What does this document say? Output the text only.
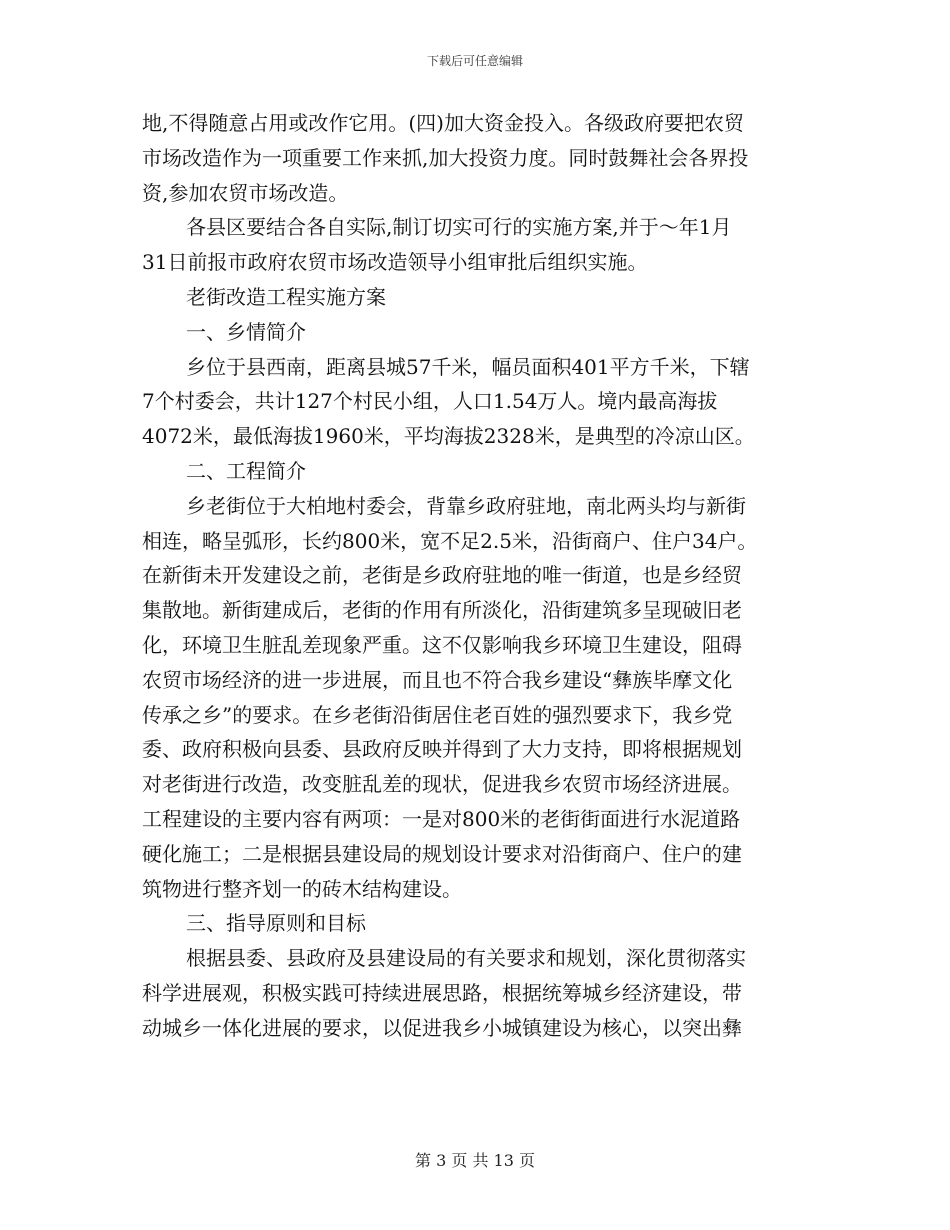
下载后可任意编辑

地,不得随意占用或改作它用。(四)加大资金投入。各级政府要把农贸

市场改造作为一项重要工作来抓,加大投资力度。同时鼓舞社会各界投

资,参加农贸市场改造。

各县区要结合各自实际,制订切实可行的实施方案,并于～年1月

31日前报市政府农贸市场改造领导小组审批后组织实施。

老街改造工程实施方案

一、乡情简介

乡位于县西南，距离县城57千米，幅员面积401平方千米，下辖

7个村委会，共计127个村民小组，人口1.54万人。境内最高海拔

4072米，最低海拔1960米，平均海拔2328米，是典型的冷凉山区。

二、工程简介

乡老街位于大柏地村委会，背靠乡政府驻地，南北两头均与新街

相连，略呈弧形，长约800米，宽不足2.5米，沿街商户、住户34户。

在新街未开发建设之前，老街是乡政府驻地的唯一街道，也是乡经贸

集散地。新街建成后，老街的作用有所淡化，沿街建筑多呈现破旧老

化，环境卫生脏乱差现象严重。这不仅影响我乡环境卫生建设，阻碍

农贸市场经济的进一步进展，而且也不符合我乡建设“彝族毕摩文化

传承之乡”的要求。在乡老街沿街居住老百姓的强烈要求下，我乡党

委、政府积极向县委、县政府反映并得到了大力支持，即将根据规划

对老街进行改造，改变脏乱差的现状，促进我乡农贸市场经济进展。

工程建设的主要内容有两项：一是对800米的老街街面进行水泥道路

硬化施工；二是根据县建设局的规划设计要求对沿街商户、住户的建

筑物进行整齐划一的砖木结构建设。

三、指导原则和目标

根据县委、县政府及县建设局的有关要求和规划，深化贯彻落实

科学进展观，积极实践可持续进展思路，根据统筹城乡经济建设，带

动城乡一体化进展的要求，以促进我乡小城镇建设为核心，以突出彝

第 3 页 共 13 页
